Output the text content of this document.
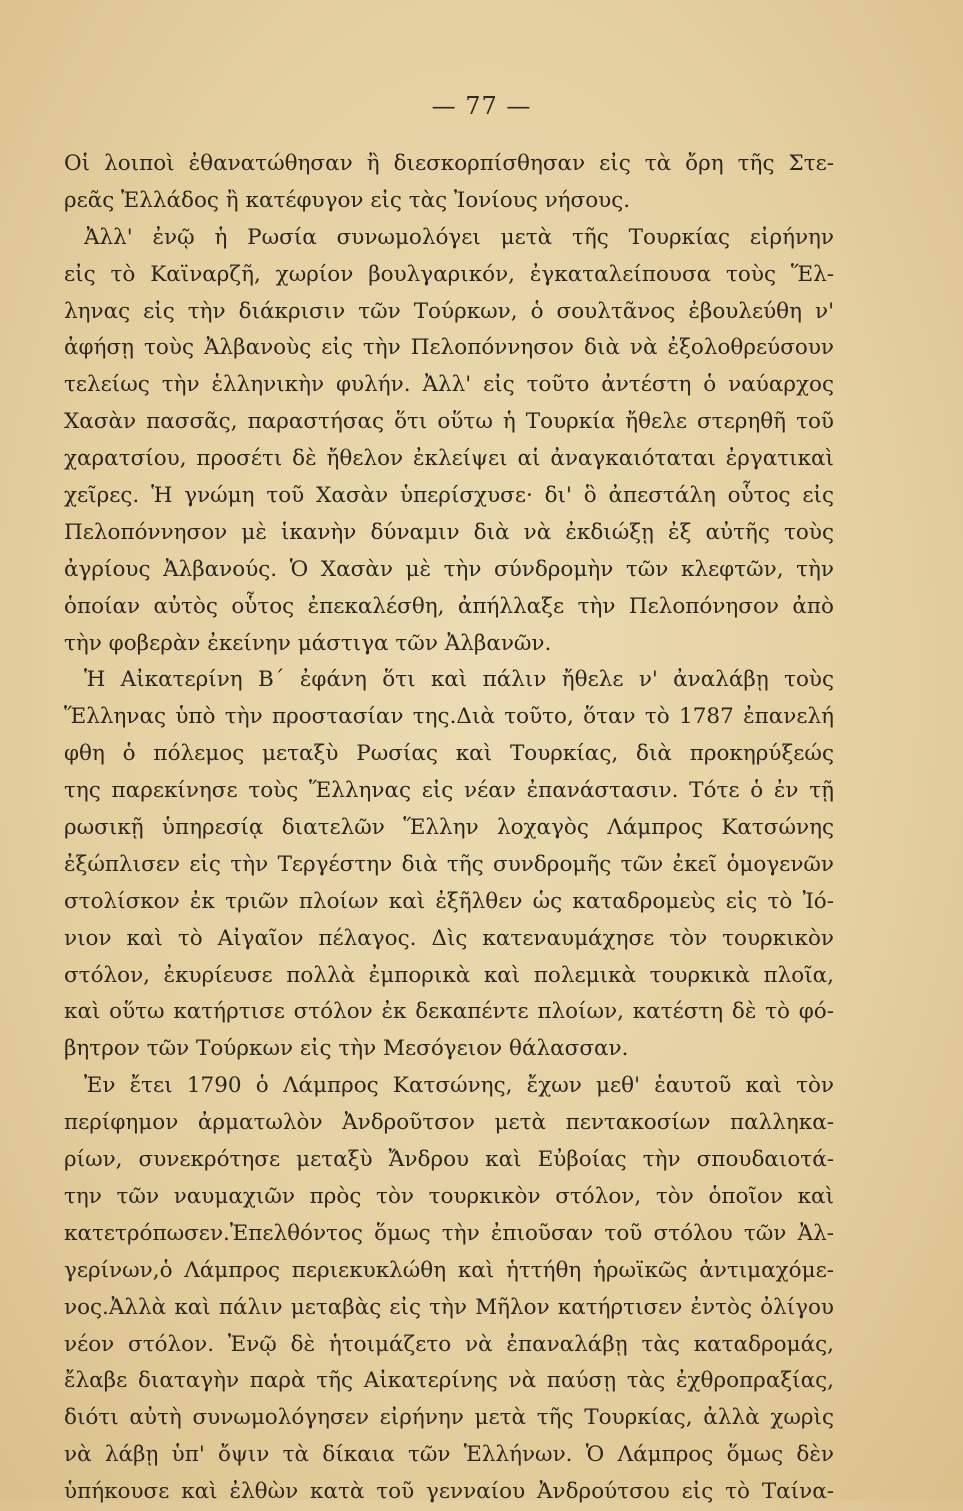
— 77 —
Οἱ λοιποὶ ἐθανατώθησαν ἢ διεσκορπίσθησαν εἰς τὰ ὄρη τῆς Στε-
ρεᾶς Ἑλλάδος ἢ κατέφυγον εἰς τὰς Ἰονίους νήσους.
Ἀλλ' ἐνῷ ἡ Ρωσία συνωμολόγει μετὰ τῆς Τουρκίας εἰρήνην
εἰς τὸ Καϊναρζῆ, χωρίον βουλγαρικόν, ἐγκαταλείπουσα τοὺς Ἕλ-
ληνας εἰς τὴν διάκρισιν τῶν Τούρκων, ὁ σουλτᾶνος ἐβουλεύθη ν'
ἀφήσῃ τοὺς Ἀλβανοὺς εἰς τὴν Πελοπόννησον διὰ νὰ ἐξολοθρεύσουν
τελείως τὴν ἑλληνικὴν φυλήν. Ἀλλ' εἰς τοῦτο ἀντέστη ὁ ναύαρχος
Χασὰν πασσᾶς, παραστήσας ὅτι οὕτω ἡ Τουρκία ἤθελε στερηθῆ τοῦ
χαρατσίου, προσέτι δὲ ἤθελον ἐκλείψει αἱ ἀναγκαιόταται ἐργατικαὶ
χεῖρες. Ἡ γνώμη τοῦ Χασὰν ὑπερίσχυσε· δι' ὃ ἀπεστάλη οὗτος εἰς
Πελοπόννησον μὲ ἱκανὴν δύναμιν διὰ νὰ ἐκδιώξῃ ἐξ αὐτῆς τοὺς
ἀγρίους Ἀλβανούς. Ὁ Χασὰν μὲ τὴν σύνδρομὴν τῶν κλεφτῶν, τὴν
ὁποίαν αὐτὸς οὗτος ἐπεκαλέσθη, ἀπήλλαξε τὴν Πελοπόνησον ἀπὸ
τὴν φοβερὰν ἐκείνην μάστιγα τῶν Ἀλβανῶν.
Ἡ Αἰκατερίνη Β΄ ἐφάνη ὅτι καὶ πάλιν ἤθελε ν' ἀναλάβῃ τοὺς
Ἕλληνας ὑπὸ τὴν προστασίαν της.Διὰ τοῦτο, ὅταν τὸ 1787 ἐπανελή
φθη ὁ πόλεμος μεταξὺ Ρωσίας καὶ Τουρκίας, διὰ προκηρύξεώς
της παρεκίνησε τοὺς Ἕλληνας εἰς νέαν ἐπανάστασιν. Τότε ὁ ἐν τῇ
ρωσικῇ ὑπηρεσίᾳ διατελῶν Ἕλλην λοχαγὸς Λάμπρος Κατσώνης
ἐξώπλισεν εἰς τὴν Τεργέστην διὰ τῆς συνδρομῆς τῶν ἐκεῖ ὁμογενῶν
στολίσκον ἐκ τριῶν πλοίων καὶ ἐξῆλθεν ὡς καταδρομεὺς εἰς τὸ Ἰό-
νιον καὶ τὸ Αἰγαῖον πέλαγος. Δὶς κατεναυμάχησε τὸν τουρκικὸν
στόλον, ἐκυρίευσε πολλὰ ἐμπορικὰ καὶ πολεμικὰ τουρκικὰ πλοῖα,
καὶ οὕτω κατήρτισε στόλον ἐκ δεκαπέντε πλοίων, κατέστη δὲ τὸ φό-
βητρον τῶν Τούρκων εἰς τὴν Μεσόγειον θάλασσαν.
Ἐν ἔτει 1790 ὁ Λάμπρος Κατσώνης, ἔχων μεθ' ἑαυτοῦ καὶ τὸν
περίφημον ἀρματωλὸν Ἀνδροῦτσον μετὰ πεντακοσίων παλληκα-
ρίων, συνεκρότησε μεταξὺ Ἄνδρου καὶ Εὐβοίας τὴν σπουδαιοτά-
την τῶν ναυμαχιῶν πρὸς τὸν τουρκικὸν στόλον, τὸν ὁποῖον καὶ
κατετρόπωσεν.Ἐπελθόντος ὅμως τὴν ἐπιοῦσαν τοῦ στόλου τῶν Ἀλ-
γερίνων,ὁ Λάμπρος περιεκυκλώθη καὶ ἡττήθη ἡρωϊκῶς ἀντιμαχόμε-
νος.Ἀλλὰ καὶ πάλιν μεταβὰς εἰς τὴν Μῆλον κατήρτισεν ἐντὸς ὀλίγου
νέον στόλον. Ἐνῷ δὲ ἡτοιμάζετο νὰ ἐπαναλάβῃ τὰς καταδρομάς,
ἔλαβε διαταγὴν παρὰ τῆς Αἰκατερίνης νὰ παύσῃ τὰς ἐχθροπραξίας,
διότι αὐτὴ συνωμολόγησεν εἰρήνην μετὰ τῆς Τουρκίας, ἀλλὰ χωρὶς
νὰ λάβῃ ὑπ' ὄψιν τὰ δίκαια τῶν Ἑλλήνων. Ὁ Λάμπρος ὅμως δὲν
ὑπήκουσε καὶ ἐλθὼν κατὰ τοῦ γενναίου Ἀνδρούτσου εἰς τὸ Ταίνα-
